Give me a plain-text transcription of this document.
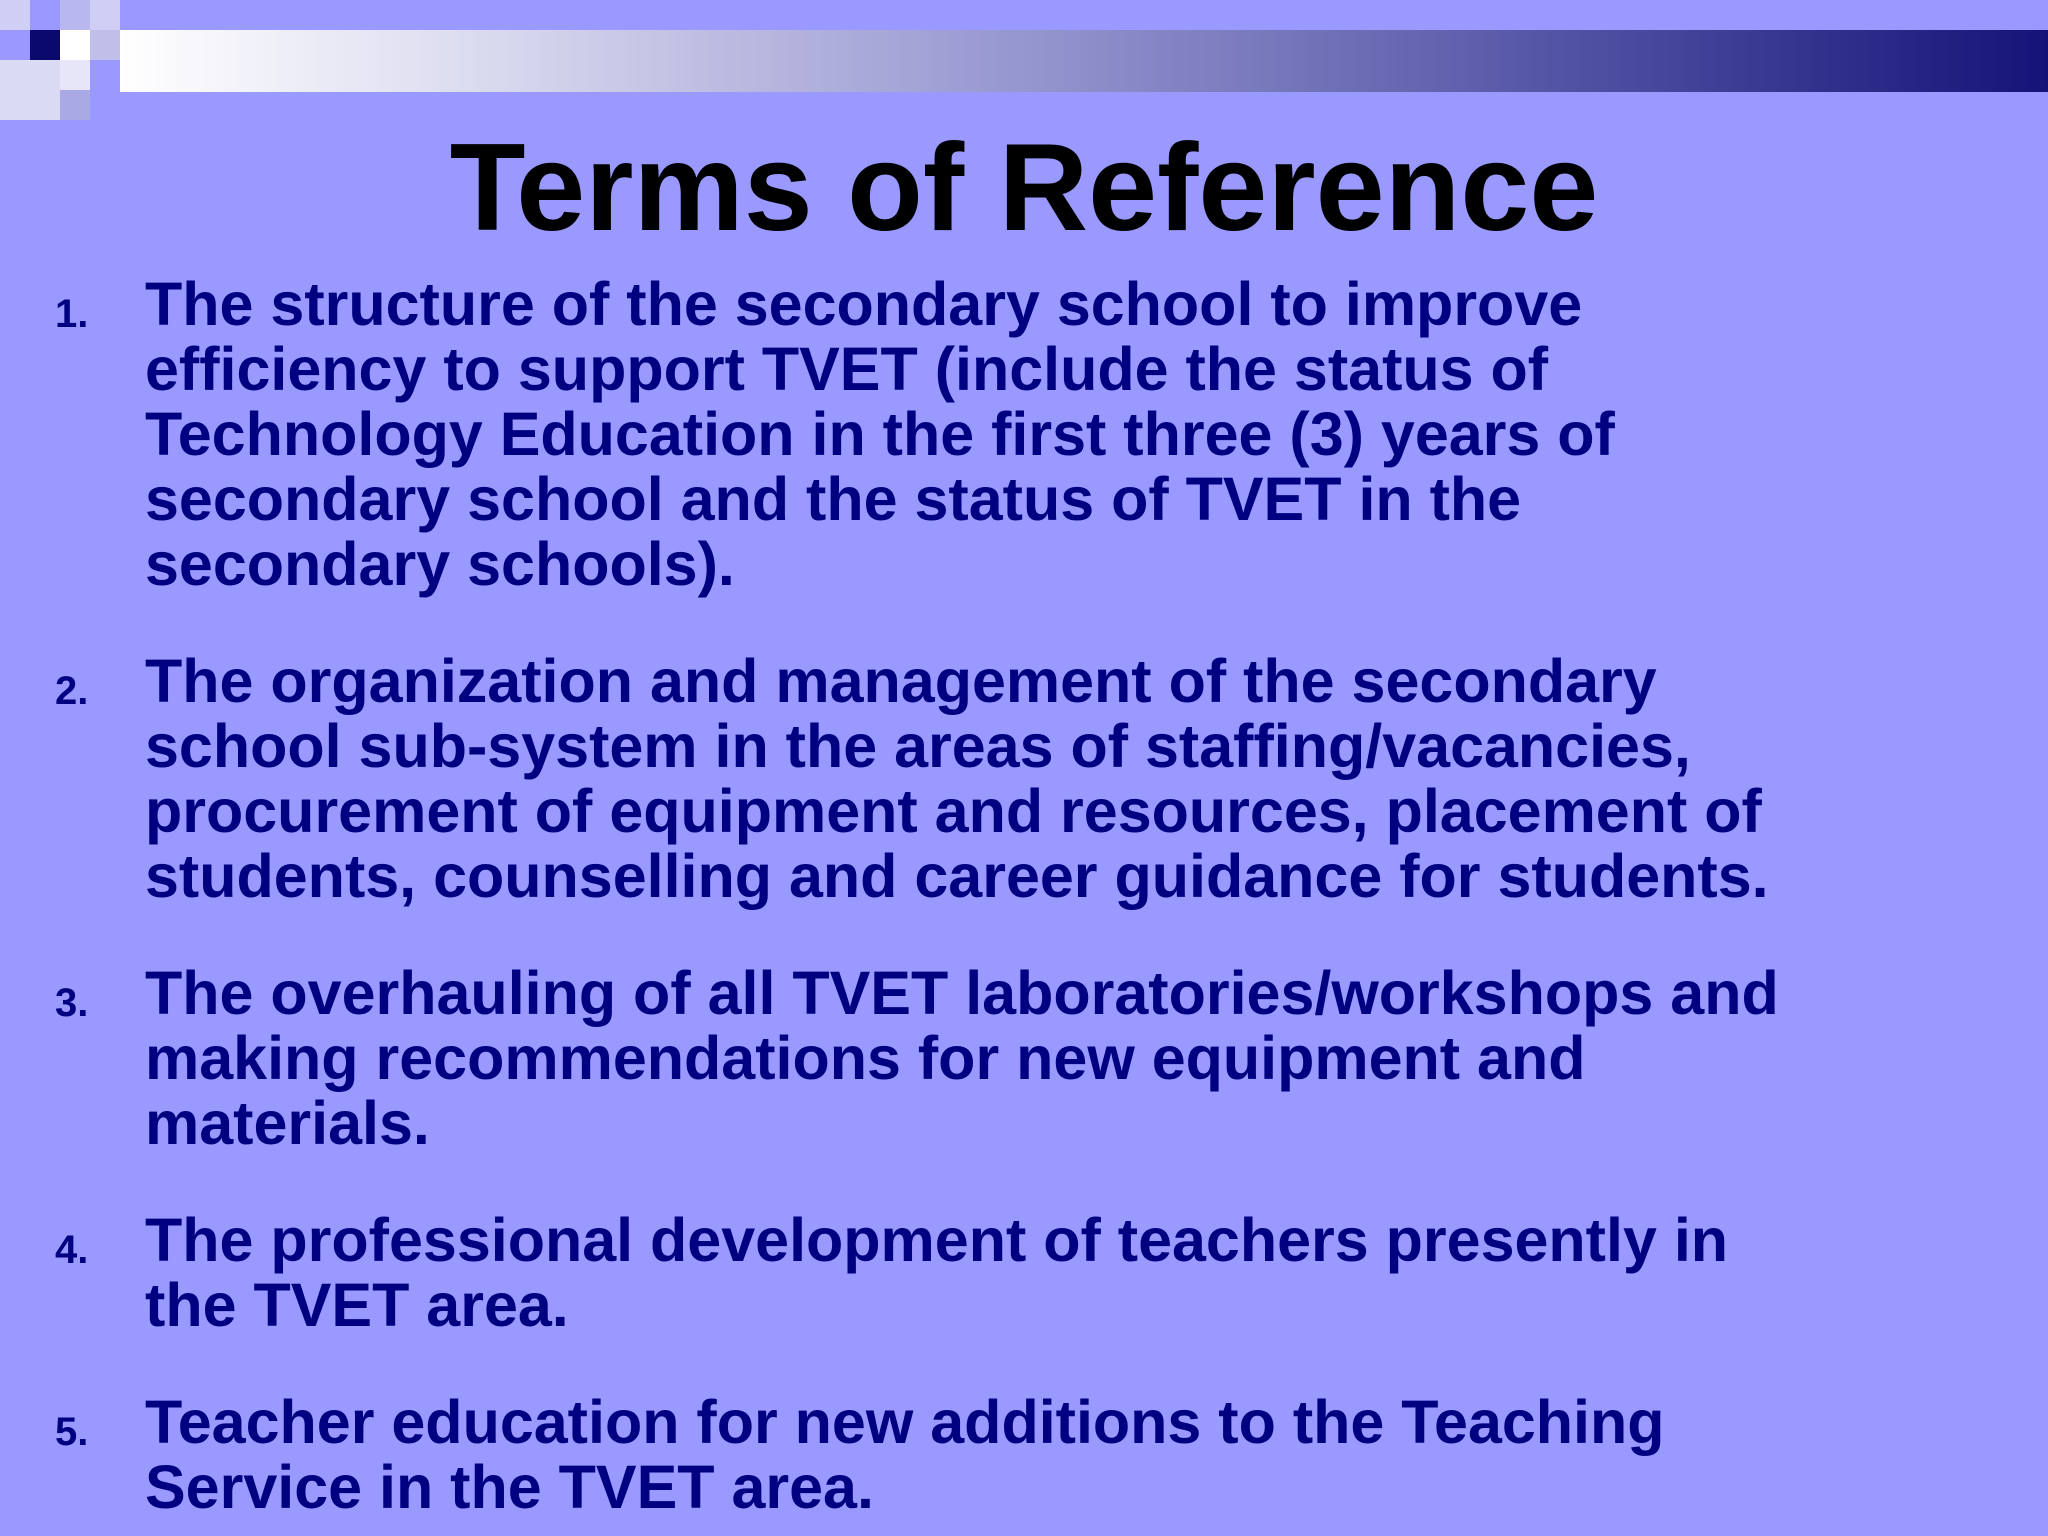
Terms of Reference
1. The structure of the secondary school to improve
efficiency to support TVET (include the status of
Technology Education in the first three (3) years of
secondary school and the status of TVET in the
secondary schools).
2. The organization and management of the secondary
school sub-system in the areas of staffing/vacancies,
procurement of equipment and resources, placement of
students, counselling and career guidance for students.
3. The overhauling of all TVET laboratories/workshops and
making recommendations for new equipment and
materials.
4. The professional development of teachers presently in
the TVET area.
5. Teacher education for new additions to the Teaching
Service in the TVET area.
